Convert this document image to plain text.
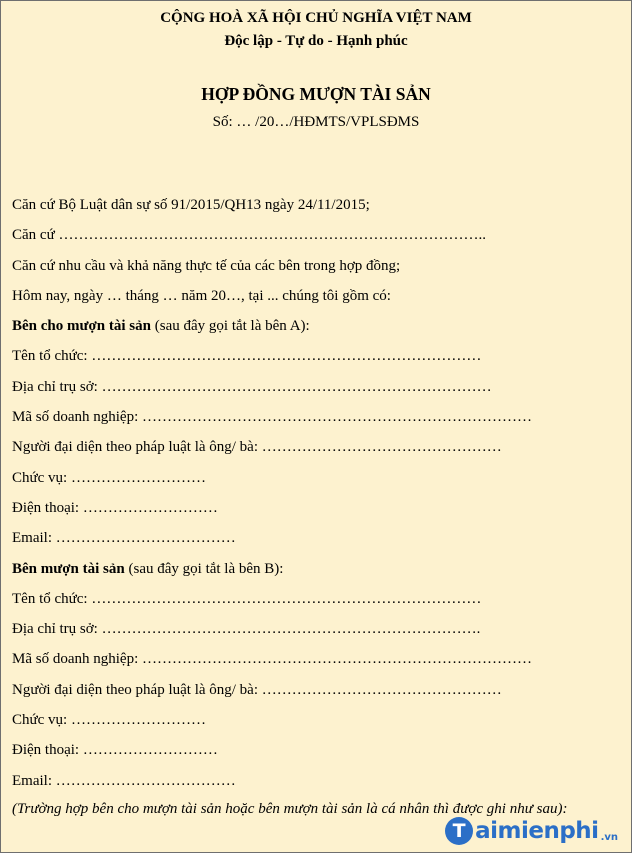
CỘNG HOÀ XÃ HỘI CHỦ NGHĨA VIỆT NAM
Độc lập - Tự do - Hạnh phúc
HỢP ĐỒNG MƯỢN TÀI SẢN
Số: … /20…/HĐMTS/VPLSĐMS
Căn cứ Bộ Luật dân sự số 91/2015/QH13 ngày 24/11/2015;
Căn cứ …………………………………………………………………………..
Căn cứ nhu cầu và khả năng thực tế của các bên trong hợp đồng;
Hôm nay, ngày … tháng … năm 20…, tại ... chúng tôi gồm có:
Bên cho mượn tài sản (sau đây gọi tắt là bên A):
Tên tổ chức: ……………………………………………………………………
Địa chỉ trụ sở: ……………………………………………………………………
Mã số doanh nghiệp: ……………………………………………………………………
Người đại diện theo pháp luật là ông/ bà: …………………………………………
Chức vụ: ………………………
Điện thoại: ………………………
Email: ………………………………
Bên mượn tài sản (sau đây gọi tắt là bên B):
Tên tổ chức: ……………………………………………………………………
Địa chỉ trụ sở: ………………………………………………………………….
Mã số doanh nghiệp: ……………………………………………………………………
Người đại diện theo pháp luật là ông/ bà: …………………………………………
Chức vụ: ………………………
Điện thoại: ………………………
Email: ………………………………
(Trường hợp bên cho mượn tài sản hoặc bên mượn tài sản là cá nhân thì được ghi như sau):
T aimienphi .vn
